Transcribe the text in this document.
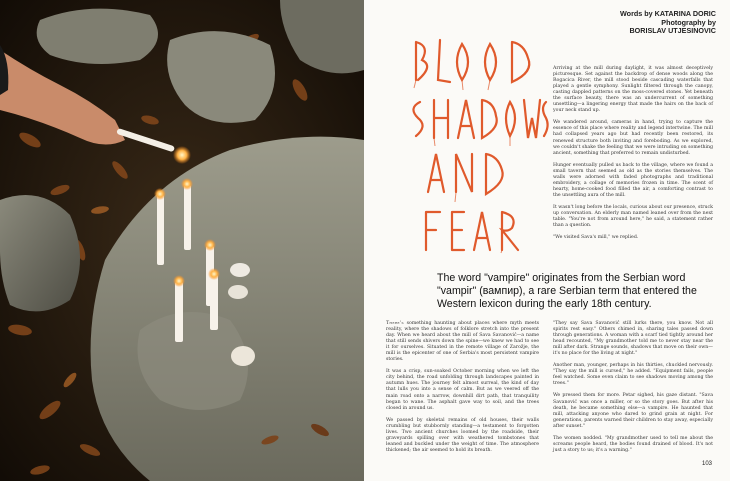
Words by KATARINA DORIC
Photography by
BORISLAV UTJESINOVIC

Arriving at the mill during daylight, it was almost deceptively picturesque. Set against the backdrop of dense woods along the Rogacica River, the mill stood beside cascading waterfalls that played a gentle symphony. Sunlight filtered through the canopy, casting dappled patterns on the moss-covered stones. Yet beneath the surface beauty, there was an undercurrent of something unsettling—a lingering energy that made the hairs on the back of your neck stand up.

We wandered around, cameras in hand, trying to capture the essence of this place where reality and legend intertwine. The mill had collapsed years ago but had recently been restored, its renewed structure both inviting and foreboding. As we explored, we couldn't shake the feeling that we were intruding on something ancient, something that preferred to remain undisturbed.

Hunger eventually pulled us back to the village, where we found a small tavern that seemed as old as the stories themselves. The walls were adorned with faded photographs and traditional embroidery, a collage of memories frozen in time. The scent of hearty, home-cooked food filled the air, a comforting contrast to the unsettling aura of the mill.

It wasn't long before the locals, curious about our presence, struck up conversation. An elderly man named leaned over from the next table. "You're not from around here," he said, a statement rather than a question.

"We visited Sava's mill," we replied.

The word "vampire" originates from the Serbian word "vampir" (вампир), a rare Serbian term that entered the Western lexicon during the early 18th century.

There's something haunting about places where myth meets reality, where the shadows of folklore stretch into the present day. When we heard about the mill of Sava Savanović—a name that still sends shivers down the spine—we knew we had to see it for ourselves. Situated in the remote village of Zarožje, the mill is the epicenter of one of Serbia's most persistent vampire stories.

It was a crisp, sun-soaked October morning when we left the city behind, the road unfolding through landscapes painted in autumn hues. The journey felt almost surreal, the kind of day that lulls you into a sense of calm. But as we veered off the main road onto a narrow, downhill dirt path, that tranquility began to wane. The asphalt gave way to soil, and the trees closed in around us.

We passed by skeletal remains of old houses, their walls crumbling but stubbornly standing—a testament to forgotten lives. Two ancient churches loomed by the roadside, their graveyards spilling over with weathered tombstones that leaned and buckled under the weight of time. The atmosphere thickened; the air seemed to hold its breath.

"They say Sava Savanović still lurks there, you know. Not all spirits rest easy." Others chimed in, sharing tales passed down through generations. A woman with a scarf tied tightly around her head recounted, "My grandmother told me to never stay near the mill after dark. Strange sounds, shadows that move on their own—it's no place for the living at night."

Another man, younger, perhaps in his thirties, chuckled nervously. "They say the mill is cursed," he added. "Equipment fails, people feel watched. Some even claim to see shadows moving among the trees."

We pressed them for more. Petar sighed, his gaze distant. "Sava Savanović was once a miller, or so the story goes. But after his death, he became something else—a vampire. He haunted that mill, attacking anyone who dared to grind grain at night. For generations, parents warned their children to stay away, especially after sunset."

The women nodded. "My grandmother used to tell me about the screams people heard, the bodies found drained of blood. It's not just a story to us; it's a warning."

103
